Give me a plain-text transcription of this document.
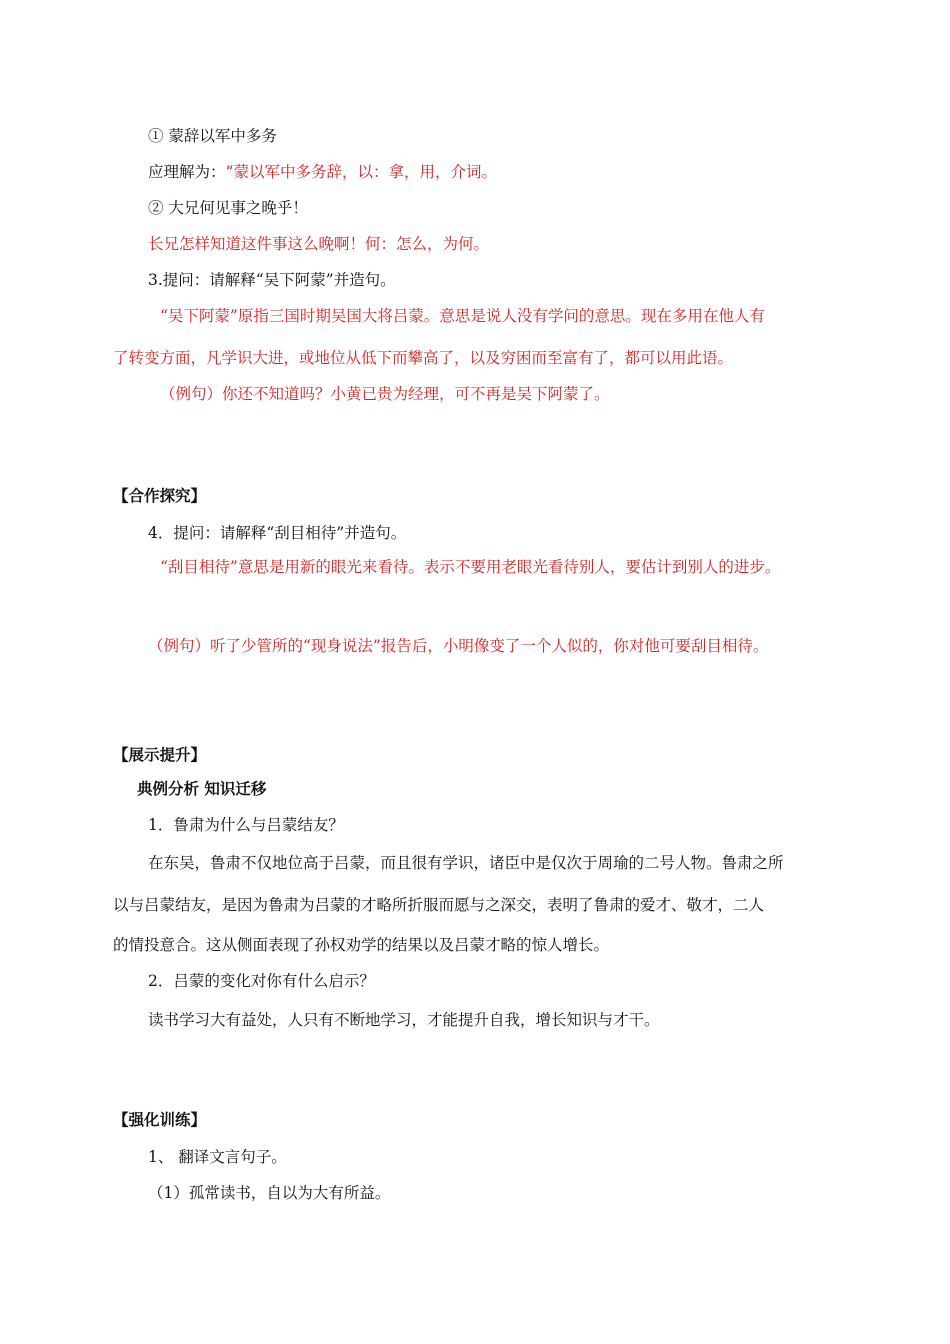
① 蒙辞以军中多务
应理解为：“蒙以军中多务辞，以：拿，用，介词。
② 大兄何见事之晚乎！
长兄怎样知道这件事这么晚啊！何：怎么，为何。
3.提问：请解释“吴下阿蒙”并造句。
“吴下阿蒙”原指三国时期吴国大将吕蒙。意思是说人没有学问的意思。现在多用在他人有
了转变方面，凡学识大进，或地位从低下而攀高了，以及穷困而至富有了，都可以用此语。
（例句）你还不知道吗？小黄已贵为经理，可不再是吴下阿蒙了。
【合作探究】
4．提问：请解释“刮目相待”并造句。
“刮目相待”意思是用新的眼光来看待。表示不要用老眼光看待别人，要估计到别人的进步。
（例句）听了少管所的“现身说法”报告后，小明像变了一个人似的，你对他可要刮目相待。
【展示提升】
典例分析 知识迁移
1．鲁肃为什么与吕蒙结友？
在东吴，鲁肃不仅地位高于吕蒙，而且很有学识，诸臣中是仅次于周瑜的二号人物。鲁肃之所
以与吕蒙结友，是因为鲁肃为吕蒙的才略所折服而愿与之深交，表明了鲁肃的爱才、敬才，二人
的情投意合。这从侧面表现了孙权劝学的结果以及吕蒙才略的惊人增长。
2．吕蒙的变化对你有什么启示？
读书学习大有益处，人只有不断地学习，才能提升自我，增长知识与才干。
【强化训练】
1、 翻译文言句子。
（1）孤常读书，自以为大有所益。
